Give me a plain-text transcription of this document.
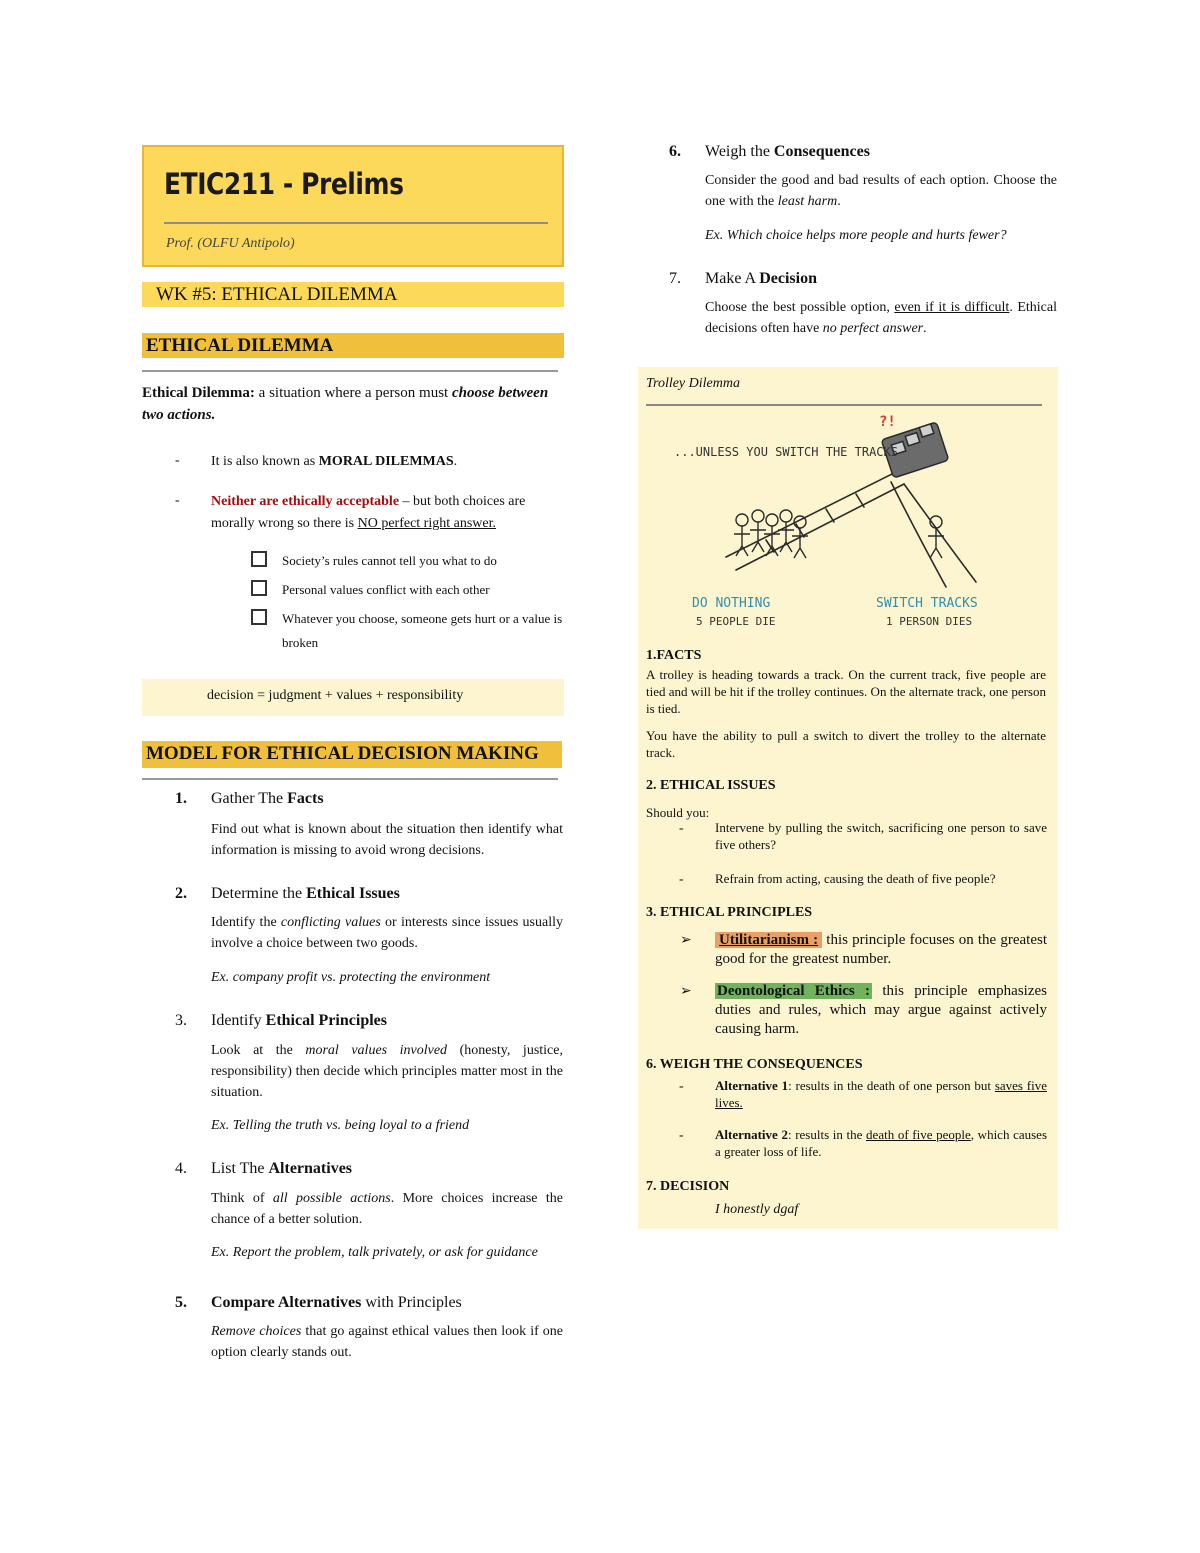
ETIC211 - Prelims
Prof. (OLFU Antipolo)
WK #5: ETHICAL DILEMMA
ETHICAL DILEMMA
Ethical Dilemma: a situation where a person must choose between two actions.
- It is also known as MORAL DILEMMAS.
- Neither are ethically acceptable – but both choices are morally wrong so there is NO perfect right answer.
Society’s rules cannot tell you what to do
Personal values conflict with each other
Whatever you choose, someone gets hurt or a value is broken
decision = judgment + values + responsibility
MODEL FOR ETHICAL DECISION MAKING
1. Gather The Facts
Find out what is known about the situation then identify what information is missing to avoid wrong decisions.
2. Determine the Ethical Issues
Identify the conflicting values or interests since issues usually involve a choice between two goods.
Ex. company profit vs. protecting the environment
3. Identify Ethical Principles
Look at the moral values involved (honesty, justice, responsibility) then decide which principles matter most in the situation.
Ex. Telling the truth vs. being loyal to a friend
4. List The Alternatives
Think of all possible actions. More choices increase the chance of a better solution.
Ex. Report the problem, talk privately, or ask for guidance
5. Compare Alternatives with Principles
Remove choices that go against ethical values then look if one option clearly stands out.
6. Weigh the Consequences
Consider the good and bad results of each option. Choose the one with the least harm.
Ex. Which choice helps more people and hurts fewer?
7. Make A Decision
Choose the best possible option, even if it is difficult. Ethical decisions often have no perfect answer.
Trolley Dilemma
?!
...UNLESS YOU SWITCH THE TRACKS
DO NOTHING
5 PEOPLE DIE
SWITCH TRACKS
1 PERSON DIES
1.FACTS
A trolley is heading towards a track. On the current track, five people are tied and will be hit if the trolley continues. On the alternate track, one person is tied.
You have the ability to pull a switch to divert the trolley to the alternate track.
2. ETHICAL ISSUES
Should you:
- Intervene by pulling the switch, sacrificing one person to save five others?
- Refrain from acting, causing the death of five people?
3. ETHICAL PRINCIPLES
➢ Utilitarianism : this principle focuses on the greatest good for the greatest number.
➢ Deontological Ethics : this principle emphasizes duties and rules, which may argue against actively causing harm.
6. WEIGH THE CONSEQUENCES
- Alternative 1: results in the death of one person but saves five lives.
- Alternative 2: results in the death of five people, which causes a greater loss of life.
7. DECISION
I honestly dgaf
